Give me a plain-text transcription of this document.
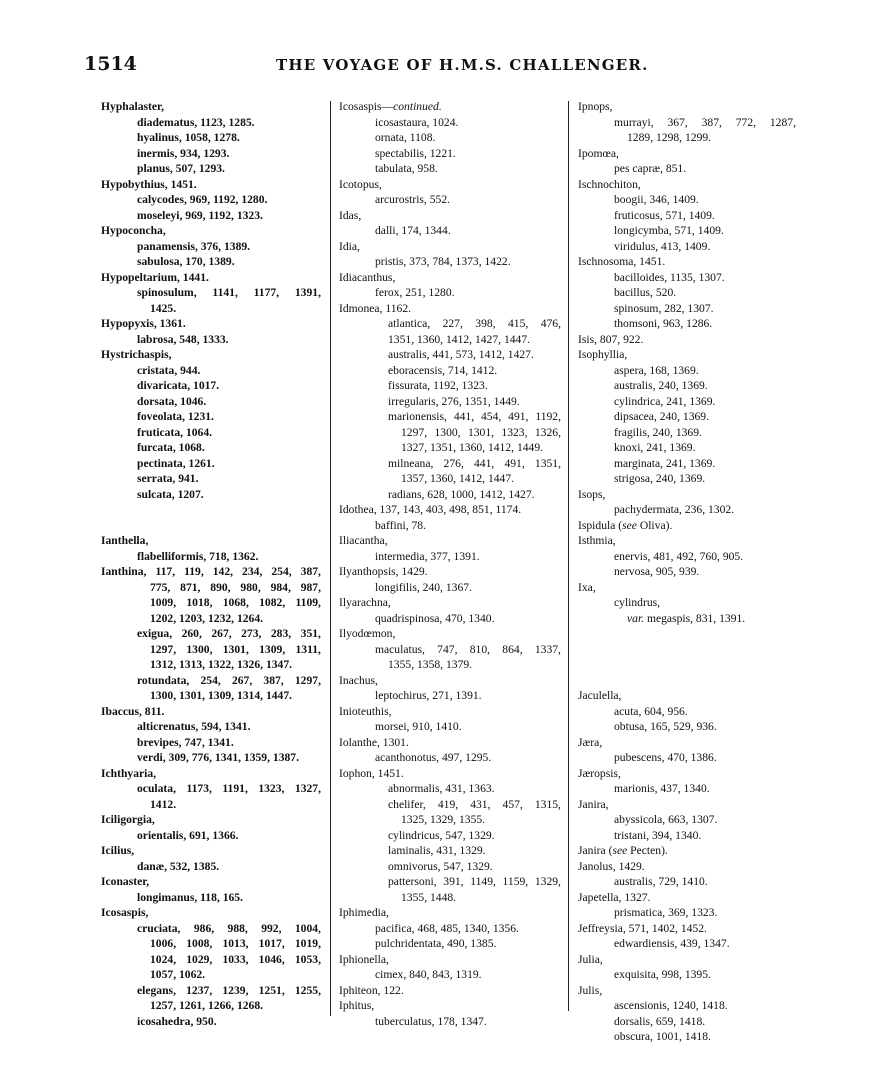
1514	THE VOYAGE OF H.M.S. CHALLENGER.
Hyphalaster,
diadematus, 1123, 1285.
hyalinus, 1058, 1278.
inermis, 934, 1293.
planus, 507, 1293.
Hypobythius, 1451.
calycodes, 969, 1192, 1280.
moseleyi, 969, 1192, 1323.
Hypoconcha,
panamensis, 376, 1389.
sabulosa, 170, 1389.
Hypopeltarium, 1441.
spinosulum, 1141, 1177, 1391,
1425.
Hypopyxis, 1361.
labrosa, 548, 1333.
Hystrichaspis,
cristata, 944.
divaricata, 1017.
dorsata, 1046.
foveolata, 1231.
fruticata, 1064.
furcata, 1068.
pectinata, 1261.
serrata, 941.
sulcata, 1207.
Ianthella,
flabelliformis, 718, 1362.
Ianthina, 117, 119, 142, 234, 254, 387,
775, 871, 890, 980, 984, 987,
1009, 1018, 1068, 1082, 1109,
1202, 1203, 1232, 1264.
exigua, 260, 267, 273, 283, 351,
1297, 1300, 1301, 1309, 1311,
1312, 1313, 1322, 1326, 1347.
rotundata, 254, 267, 387, 1297,
1300, 1301, 1309, 1314, 1447.
Ibaccus, 811.
alticrenatus, 594, 1341.
brevipes, 747, 1341.
verdi, 309, 776, 1341, 1359, 1387.
Ichthyaria,
oculata, 1173, 1191, 1323, 1327,
1412.
Iciligorgia,
orientalis, 691, 1366.
Icilius,
danæ, 532, 1385.
Iconaster,
longimanus, 118, 165.
Icosaspis,
cruciata, 986, 988, 992, 1004,
1006, 1008, 1013, 1017, 1019,
1024, 1029, 1033, 1046, 1053,
1057, 1062.
elegans, 1237, 1239, 1251, 1255,
1257, 1261, 1266, 1268.
icosahedra, 950.
Icosaspis—continued.
icosastaura, 1024.
ornata, 1108.
spectabilis, 1221.
tabulata, 958.
Icotopus,
arcurostris, 552.
Idas,
dalli, 174, 1344.
Idia,
pristis, 373, 784, 1373, 1422.
Idiacanthus,
ferox, 251, 1280.
Idmonea, 1162.
atlantica, 227, 398, 415, 476,
1351, 1360, 1412, 1427, 1447.
australis, 441, 573, 1412, 1427.
eboracensis, 714, 1412.
fissurata, 1192, 1323.
irregularis, 276, 1351, 1449.
marionensis, 441, 454, 491, 1192,
1297, 1300, 1301, 1323, 1326,
1327, 1351, 1360, 1412, 1449.
milneana, 276, 441, 491, 1351,
1357, 1360, 1412, 1447.
radians, 628, 1000, 1412, 1427.
Idothea, 137, 143, 403, 498, 851, 1174.
baffini, 78.
Iliacantha,
intermedia, 377, 1391.
Ilyanthopsis, 1429.
longifilis, 240, 1367.
Ilyarachna,
quadrispinosa, 470, 1340.
Ilyodœmon,
maculatus, 747, 810, 864, 1337,
1355, 1358, 1379.
Inachus,
leptochirus, 271, 1391.
Inioteuthis,
morsei, 910, 1410.
Iolanthe, 1301.
acanthonotus, 497, 1295.
Iophon, 1451.
abnormalis, 431, 1363.
chelifer, 419, 431, 457, 1315,
1325, 1329, 1355.
cylindricus, 547, 1329.
laminalis, 431, 1329.
omnivorus, 547, 1329.
pattersoni, 391, 1149, 1159, 1329,
1355, 1448.
Iphimedia,
pacifica, 468, 485, 1340, 1356.
pulchridentata, 490, 1385.
Iphionella,
cimex, 840, 843, 1319.
Iphiteon, 122.
Iphitus,
tuberculatus, 178, 1347.
Ipnops,
murrayi, 367, 387, 772, 1287,
1289, 1298, 1299.
Ipomœa,
pes capræ, 851.
Ischnochiton,
boogii, 346, 1409.
fruticosus, 571, 1409.
longicymba, 571, 1409.
viridulus, 413, 1409.
Ischnosoma, 1451.
bacilloides, 1135, 1307.
bacillus, 520.
spinosum, 282, 1307.
thomsoni, 963, 1286.
Isis, 807, 922.
Isophyllia,
aspera, 168, 1369.
australis, 240, 1369.
cylindrica, 241, 1369.
dipsacea, 240, 1369.
fragilis, 240, 1369.
knoxi, 241, 1369.
marginata, 241, 1369.
strigosa, 240, 1369.
Isops,
pachydermata, 236, 1302.
Ispidula (see Oliva).
Isthmia,
enervis, 481, 492, 760, 905.
nervosa, 905, 939.
Ixa,
cylindrus,
var. megaspis, 831, 1391.
Jaculella,
acuta, 604, 956.
obtusa, 165, 529, 936.
Jæra,
pubescens, 470, 1386.
Jæropsis,
marionis, 437, 1340.
Janira,
abyssicola, 663, 1307.
tristani, 394, 1340.
Janira (see Pecten).
Janolus, 1429.
australis, 729, 1410.
Japetella, 1327.
prismatica, 369, 1323.
Jeffreysia, 571, 1402, 1452.
edwardiensis, 439, 1347.
Julia,
exquisita, 998, 1395.
Julis,
ascensionis, 1240, 1418.
dorsalis, 659, 1418.
obscura, 1001, 1418.
